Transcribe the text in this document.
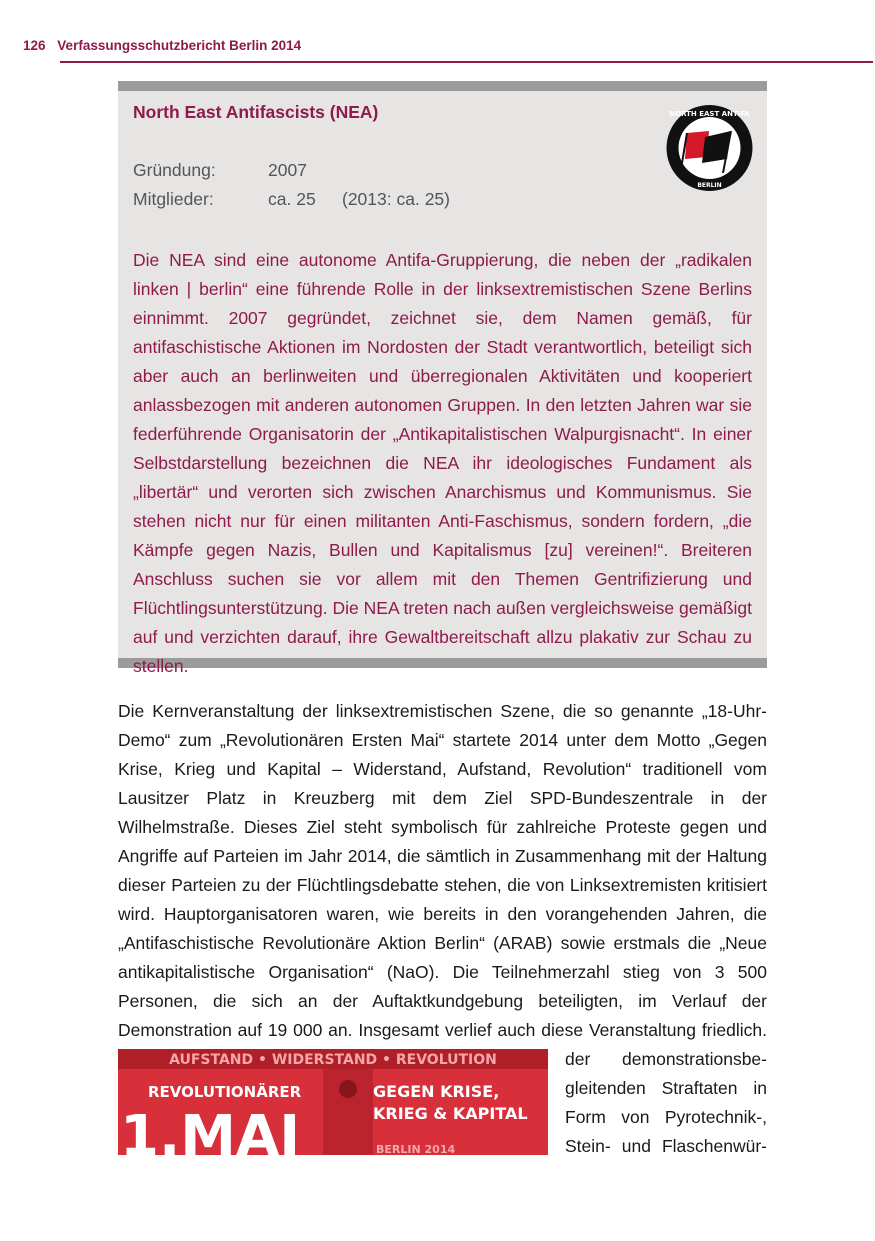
126 Verfassungsschutzbericht Berlin 2014
North East Antifascists (NEA)
Gründung:	2007
Mitglieder:	ca. 25 (2013: ca. 25)
NORTH EAST ANTIFA
BERLIN
Die NEA sind eine autonome Antifa-Gruppierung, die neben der „radikalen linken | berlin“ eine führende Rolle in der linksextremistischen Szene Berlins einnimmt. 2007 gegründet, zeichnet sie, dem Namen gemäß, für antifaschistische Aktionen im Nordosten der Stadt verantwortlich, beteiligt sich aber auch an berlinweiten und überregionalen Aktivitäten und kooperiert anlassbezogen mit anderen autonomen Gruppen. In den letzten Jahren war sie federführende Organisatorin der „Antikapitalistischen Walpurgisnacht“. In einer Selbstdarstellung bezeichnen die NEA ihr ideologisches Fundament als „libertär“ und verorten sich zwischen Anarchismus und Kommunismus. Sie stehen nicht nur für einen militanten Anti-Faschismus, sondern fordern, „die Kämpfe gegen Nazis, Bullen und Kapitalismus [zu] vereinen!“. Breiteren Anschluss suchen sie vor allem mit den Themen Gentrifizierung und Flüchtlingsunterstützung. Die NEA treten nach außen vergleichsweise gemäßigt auf und verzichten darauf, ihre Gewaltbereitschaft allzu plakativ zur Schau zu stellen.
Die Kernveranstaltung der linksextremistischen Szene, die so genannte „18-Uhr-Demo“ zum „Revolutionären Ersten Mai“ startete 2014 unter dem Motto „Gegen Krise, Krieg und Kapital – Widerstand, Aufstand, Revolution“ traditionell vom Lausitzer Platz in Kreuzberg mit dem Ziel SPD-Bundeszentrale in der Wilhelmstraße. Dieses Ziel steht symbolisch für zahlreiche Proteste gegen und Angriffe auf Parteien im Jahr 2014, die sämtlich in Zusammenhang mit der Haltung dieser Parteien zu der Flüchtlingsdebatte stehen, die von Linksextremisten kritisiert wird. Hauptorganisatoren waren, wie bereits in den vorangehenden Jahren, die „Antifaschistische Revolutionäre Aktion Berlin“ (ARAB) sowie erstmals die „Neue antikapitalistische Organisation“ (NaO). Die Teilnehmerzahl stieg von 3 500 Personen, die sich an der Auftaktkundgebung beteiligten, im Verlauf der Demonstration auf 19 000 an. Insgesamt verlief auch diese Veranstaltung friedlich.
der demonstrationsbe-
gleitenden Straftaten in
Form von Pyrotechnik-,
Stein- und Flaschenwür-
AUFSTAND • WIDERSTAND • REVOLUTION
REVOLUTIONÄRER
1.MAI
GEGEN KRISE,
KRIEG & KAPITAL
BERLIN 2014
